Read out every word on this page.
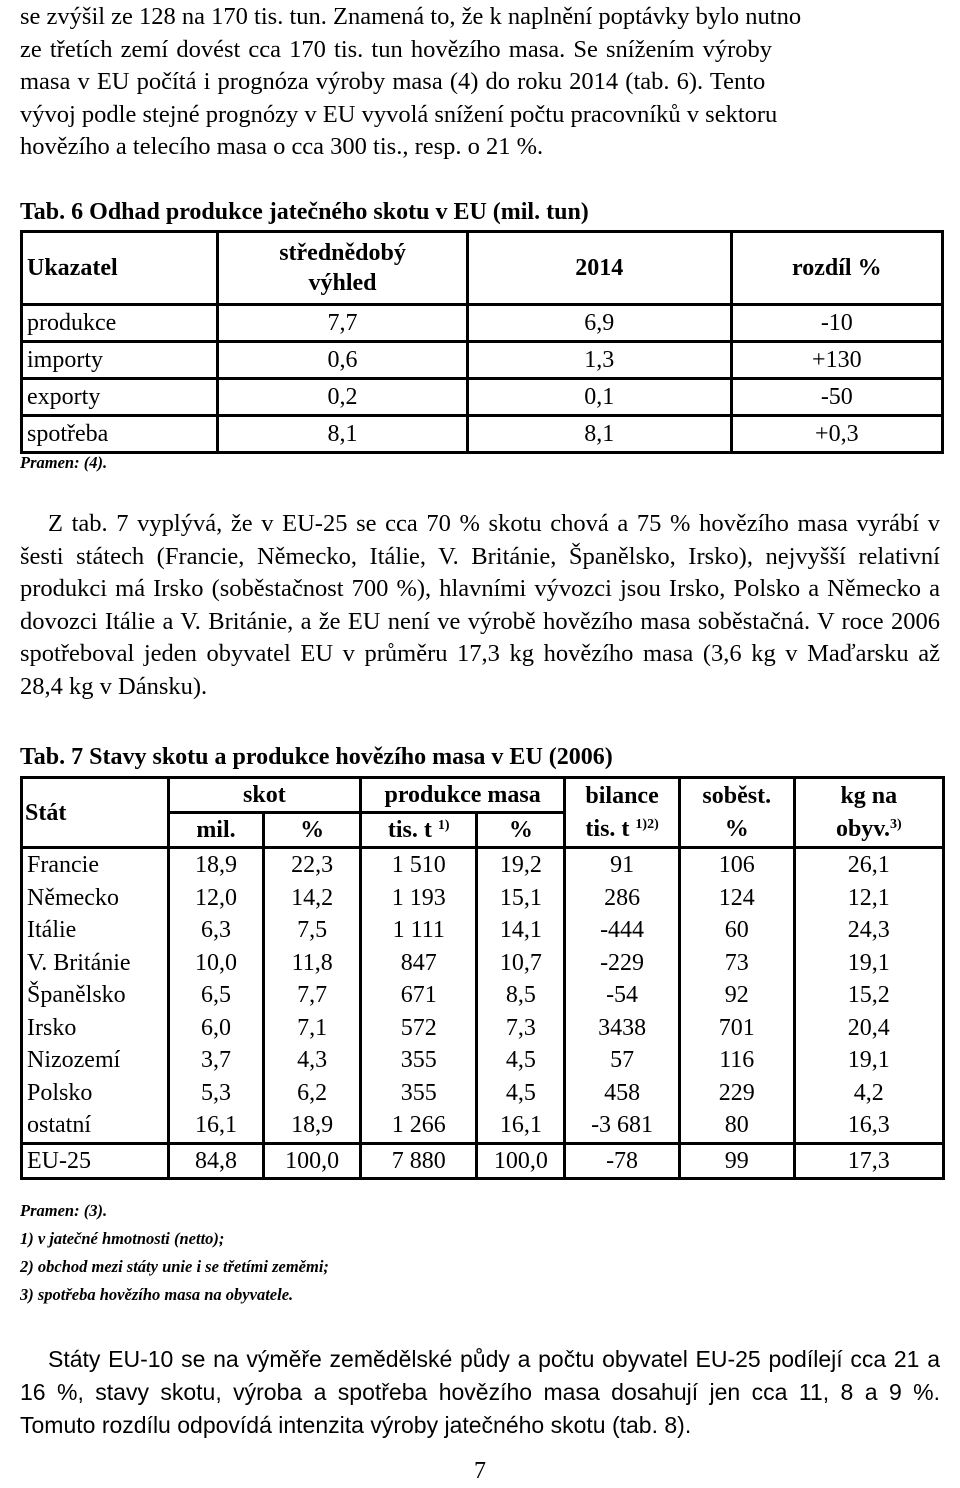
se zvýšil ze 128 na 170 tis. tun. Znamená to, že k naplnění poptávky bylo nutno

ze třetích zemí dovést cca 170 tis. tun hovězího masa. Se snížením výroby

masa v EU počítá i prognóza výroby masa (4) do roku 2014 (tab. 6). Tento

vývoj podle stejné prognózy v EU vyvolá snížení počtu pracovníků v sektoru

hovězího a telecího masa o cca 300 tis., resp. o 21 %.

Tab. 6 Odhad produkce jatečného skotu v EU (mil. tun)

Ukazatel	střednědobý výhled	2014	rozdíl %
produkce	7,7	6,9	-10
importy	0,6	1,3	+130
exporty	0,2	0,1	-50
spotřeba	8,1	8,1	+0,3

Pramen: (4).

Z tab. 7 vyplývá, že v EU-25 se cca 70 % skotu chová a 75 % hovězího masa vyrábí v šesti státech (Francie, Německo, Itálie, V. Británie, Španělsko, Irsko), nejvyšší relativní produkci má Irsko (soběstačnost 700 %), hlavními vývozci jsou Irsko, Polsko a Německo a dovozci Itálie a V. Británie, a že EU není ve výrobě hovězího masa soběstačná. V roce 2006 spotřeboval jeden obyvatel EU v průměru 17,3 kg hovězího masa (3,6 kg v Maďarsku až 28,4 kg v Dánsku).

Tab. 7 Stavy skotu a produkce hovězího masa v EU (2006)

Stát	skot		produkce masa		bilance	soběst.	kg na
	mil.	%	tis. t $^{1)}$	%	tis. t $^{1)2)}$	%	obyv.$^{3)}$
Francie	18,9	22,3	1 510	19,2	91	106	26,1
Německo	12,0	14,2	1 193	15,1	286	124	12,1
Itálie	6,3	7,5	1 111	14,1	-444	60	24,3
V. Británie	10,0	11,8	847	10,7	-229	73	19,1
Španělsko	6,5	7,7	671	8,5	-54	92	15,2
Irsko	6,0	7,1	572	7,3	3438	701	20,4
Nizozemí	3,7	4,3	355	4,5	57	116	19,1
Polsko	5,3	6,2	355	4,5	458	229	4,2
ostatní	16,1	18,9	1 266	16,1	-3 681	80	16,3
EU-25	84,8	100,0	7 880	100,0	-78	99	17,3

Pramen: (3).

1) v jatečné hmotnosti (netto);

2) obchod mezi státy unie i se třetími zeměmi;

3) spotřeba hovězího masa na obyvatele.

Státy EU-10 se na výměře zemědělské půdy a počtu obyvatel EU-25 podílejí cca 21 a 16 %, stavy skotu, výroba a spotřeba hovězího masa dosahují jen cca 11, 8 a 9 %. Tomuto rozdílu odpovídá intenzita výroby jatečného skotu (tab. 8).

7
